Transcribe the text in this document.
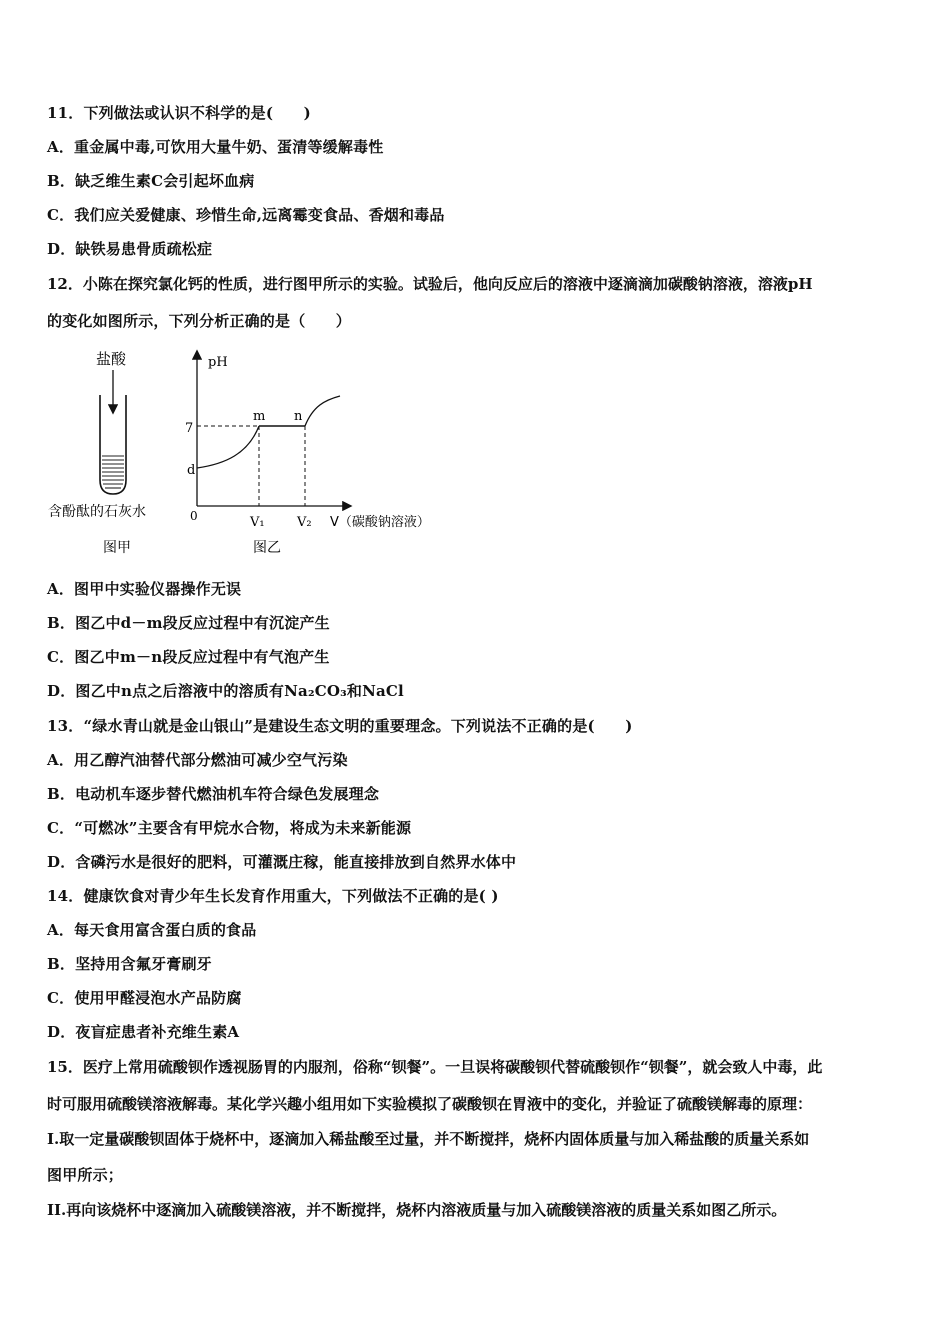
11．下列做法或认识不科学的是(　　)
A．重金属中毒,可饮用大量牛奶、蛋清等缓解毒性
B．缺乏维生素C会引起坏血病
C．我们应关爱健康、珍惜生命,远离霉变食品、香烟和毒品
D．缺铁易患骨质疏松症
12．小陈在探究氯化钙的性质，进行图甲所示的实验。试验后，他向反应后的溶液中逐滴滴加碳酸钠溶液，溶液pH
的变化如图所示，下列分析正确的是（　　）
盐酸
含酚酞的石灰水
图甲
pH
7
d
0
m n
V₁ V₂ V（碳酸钠溶液）
图乙
A．图甲中实验仪器操作无误
B．图乙中d－m段反应过程中有沉淀产生
C．图乙中m－n段反应过程中有气泡产生
D．图乙中n点之后溶液中的溶质有Na₂CO₃和NaCl
13．“绿水青山就是金山银山”是建设生态文明的重要理念。下列说法不正确的是(　　)
A．用乙醇汽油替代部分燃油可减少空气污染
B．电动机车逐步替代燃油机车符合绿色发展理念
C．“可燃冰”主要含有甲烷水合物，将成为未来新能源
D．含磷污水是很好的肥料，可灌溉庄稼，能直接排放到自然界水体中
14．健康饮食对青少年生长发育作用重大，下列做法不正确的是( )
A．每天食用富含蛋白质的食品
B．坚持用含氟牙膏刷牙
C．使用甲醛浸泡水产品防腐
D．夜盲症患者补充维生素A
15．医疗上常用硫酸钡作透视肠胃的内服剂，俗称“钡餐”。一旦误将碳酸钡代替硫酸钡作“钡餐”，就会致人中毒，此
时可服用硫酸镁溶液解毒。某化学兴趣小组用如下实验模拟了碳酸钡在胃液中的变化，并验证了硫酸镁解毒的原理：
I.取一定量碳酸钡固体于烧杯中，逐滴加入稀盐酸至过量，并不断搅拌，烧杯内固体质量与加入稀盐酸的质量关系如
图甲所示；
II.再向该烧杯中逐滴加入硫酸镁溶液，并不断搅拌，烧杯内溶液质量与加入硫酸镁溶液的质量关系如图乙所示。
